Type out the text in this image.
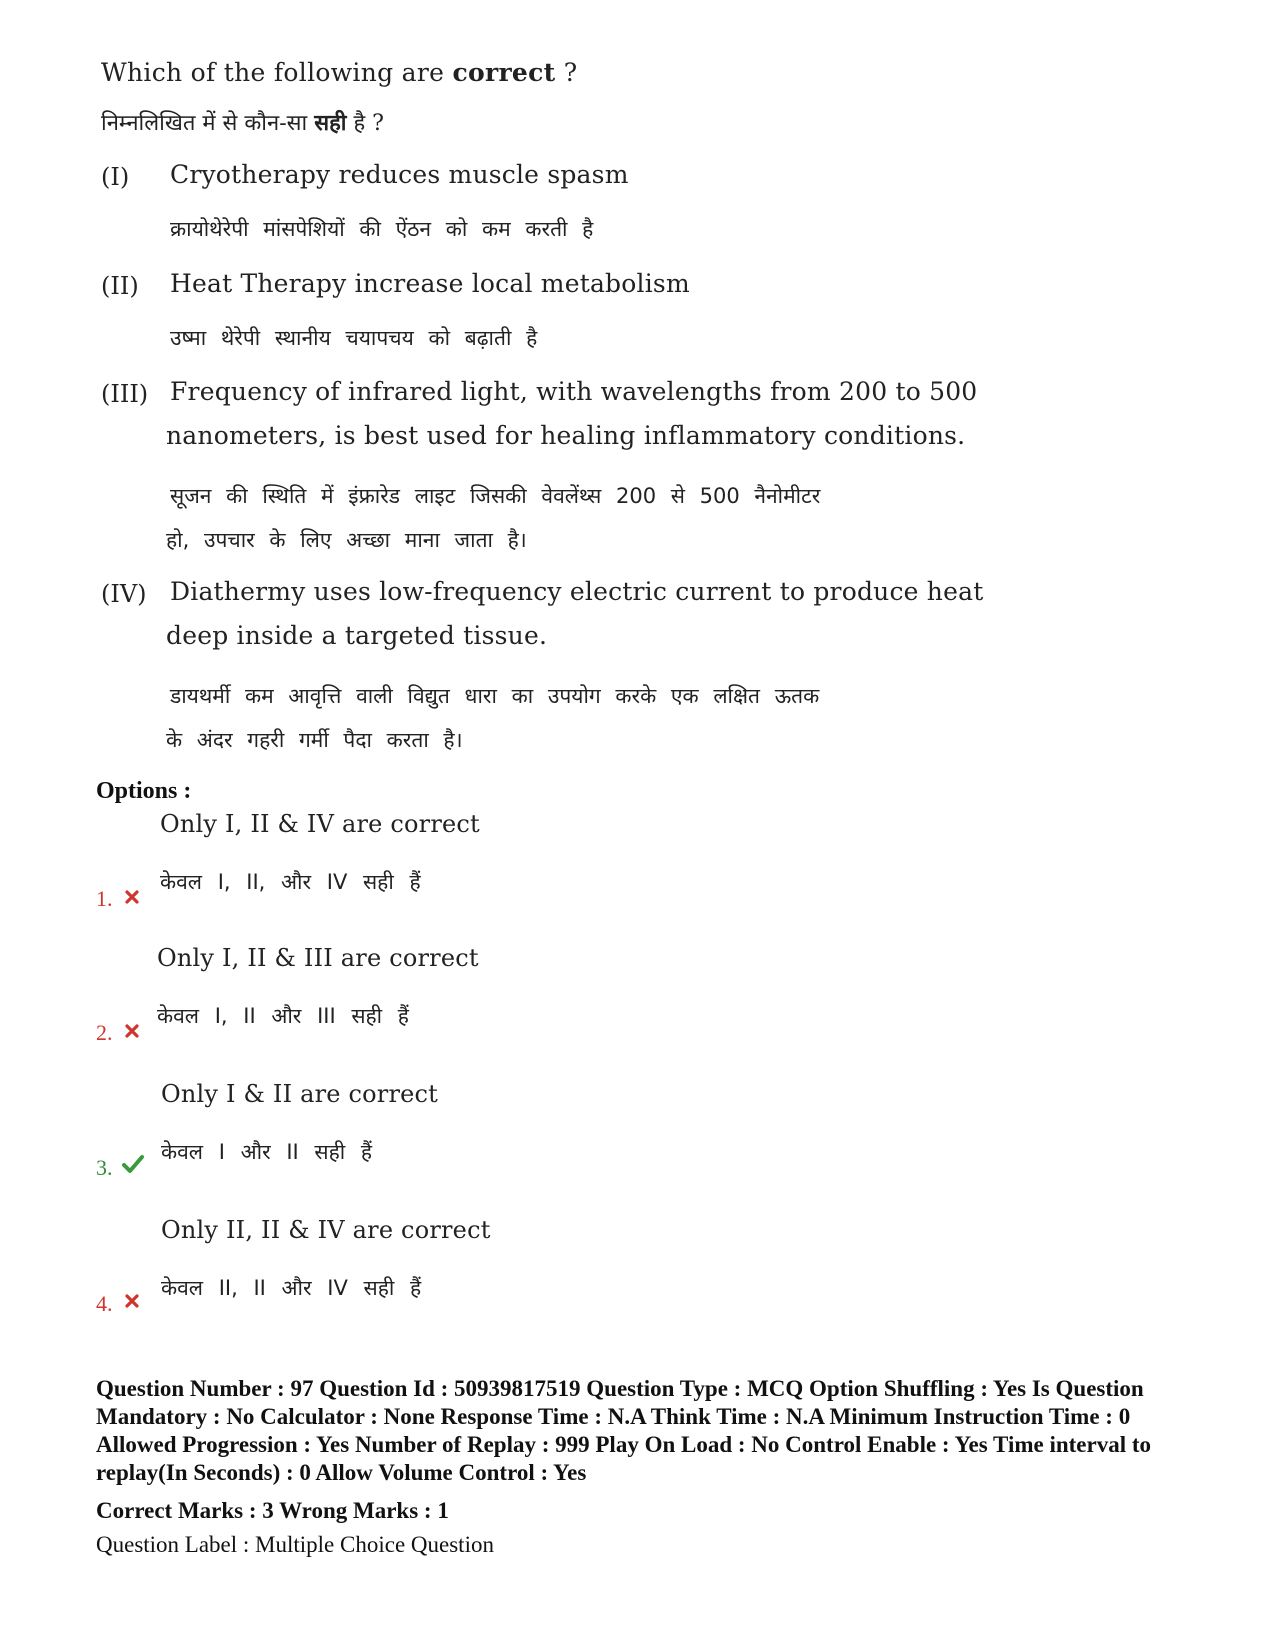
Which of the following are correct ?
निम्नलिखित में से कौन-सा सही है ?
(I) Cryotherapy reduces muscle spasm
क्रायोथेरेपी मांसपेशियों की ऐंठन को कम करती है
(II) Heat Therapy increase local metabolism
उष्मा थेरेपी स्थानीय चयापचय को बढ़ाती है
(III) Frequency of infrared light, with wavelengths from 200 to 500
nanometers, is best used for healing inflammatory conditions.
सूजन की स्थिति में इंफ्रारेड लाइट जिसकी वेवलेंथ्स 200 से 500 नैनोमीटर
हो, उपचार के लिए अच्छा माना जाता है।
(IV) Diathermy uses low-frequency electric current to produce heat
deep inside a targeted tissue.
डायथर्मी कम आवृत्ति वाली विद्युत धारा का उपयोग करके एक लक्षित ऊतक
के अंदर गहरी गर्मी पैदा करता है।
Options :
Only I, II & IV are correct
केवल I, II, और IV सही हैं
1.
Only I, II & III are correct
केवल I, II और III सही हैं
2.
Only I & II are correct
केवल I और II सही हैं
3.
Only II, II & IV are correct
केवल II, II और IV सही हैं
4.
Question Number : 97 Question Id : 50939817519 Question Type : MCQ Option Shuffling : Yes Is Question Mandatory : No Calculator : None Response Time : N.A Think Time : N.A Minimum Instruction Time : 0 Allowed Progression : Yes Number of Replay : 999 Play On Load : No Control Enable : Yes Time interval to replay(In Seconds) : 0 Allow Volume Control : Yes
Correct Marks : 3 Wrong Marks : 1
Question Label : Multiple Choice Question
